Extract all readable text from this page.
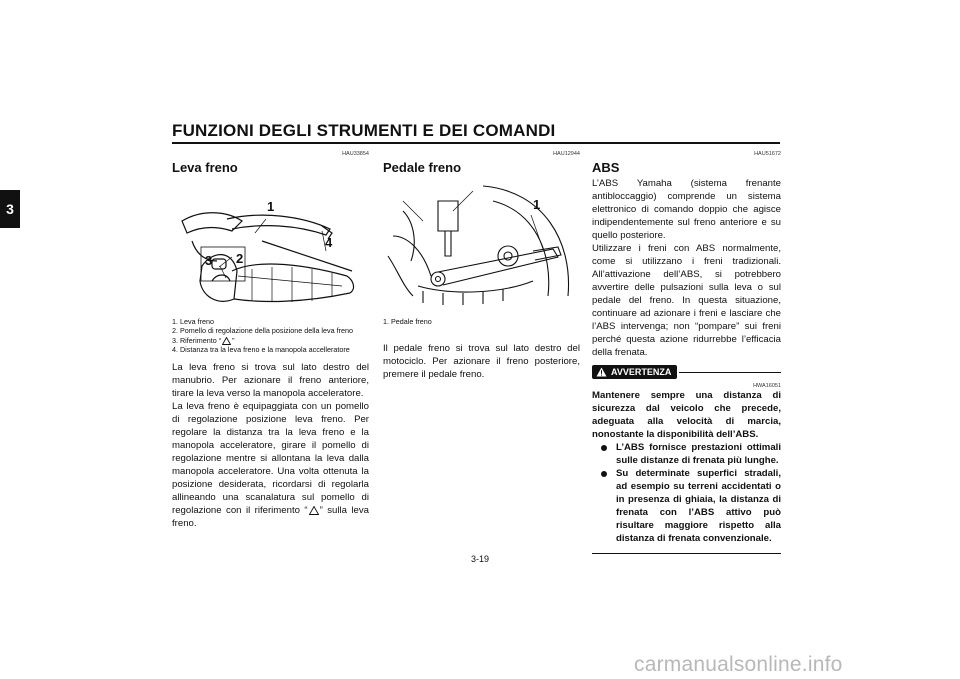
FUNZIONI DEGLI STRUMENTI E DEI COMANDI
3
HAU33854
Leva freno
1
2
3
4
1. Leva freno
2. Pomello di regolazione della posizione della leva freno
3. Riferimento “ ”
4. Distanza tra la leva freno e la manopola accelleratore
La leva freno si trova sul lato destro del manubrio. Per azionare il freno anteriore, tirare la leva verso la manopola acceleratore.
La leva freno è equipaggiata con un pomello di regolazione posizione leva freno. Per regolare la distanza tra la leva freno e la manopola acceleratore, girare il pomello di regolazione mentre si allontana la leva dalla manopola acceleratore. Una volta ottenuta la posizione desiderata, ricordarsi di regolarla allineando una scanalatura sul pomello di regolazione con il riferimento “ ” sulla leva freno.
HAU12944
Pedale freno
1
1. Pedale freno
Il pedale freno si trova sul lato destro del motociclo. Per azionare il freno posteriore, premere il pedale freno.
HAU51672
ABS
L’ABS Yamaha (sistema frenante antibloccaggio) comprende un sistema elettronico di comando doppio che agisce indipendentemente sul freno anteriore e su quello posteriore.
Utilizzare i freni con ABS normalmente, come si utilizzano i freni tradizionali. All’attivazione dell’ABS, si potrebbero avvertire delle pulsazioni sulla leva o sul pedale del freno. In questa situazione, continuare ad azionare i freni e lasciare che l’ABS intervenga; non “pompare” sui freni perché questa azione ridurrebbe l’efficacia della frenata.
AVVERTENZA
HWA16051
Mantenere sempre una distanza di sicurezza dal veicolo che precede, adeguata alla velocità di marcia, nonostante la disponibilità dell’ABS.
L’ABS fornisce prestazioni ottimali sulle distanze di frenata più lunghe.
Su determinate superfici stradali, ad esempio su terreni accidentati o in presenza di ghiaia, la distanza di frenata con l’ABS attivo può risultare maggiore rispetto alla distanza di frenata convenzionale.
3-19
carmanualsonline.info
